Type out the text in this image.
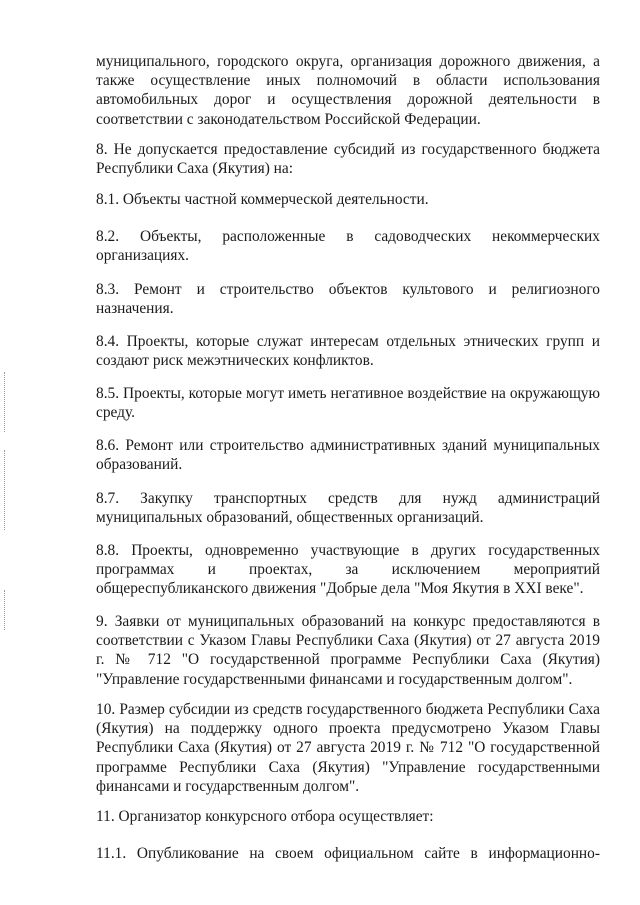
муниципального, городского округа, организация дорожного движения, а
также осуществление иных полномочий в области использования
автомобильных дорог и осуществления дорожной деятельности в
соответствии с законодательством Российской Федерации.
8. Не допускается предоставление субсидий из государственного бюджета
Республики Саха (Якутия) на:
8.1. Объекты частной коммерческой деятельности.
8.2. Объекты, расположенные в садоводческих некоммерческих
организациях.
8.3. Ремонт и строительство объектов культового и религиозного
назначения.
8.4. Проекты, которые служат интересам отдельных этнических групп и
создают риск межэтнических конфликтов.
8.5. Проекты, которые могут иметь негативное воздействие на окружающую
среду.
8.6. Ремонт или строительство административных зданий муниципальных
образований.
8.7. Закупку транспортных средств для нужд администраций
муниципальных образований, общественных организаций.
8.8. Проекты, одновременно участвующие в других государственных
программах и проектах, за исключением мероприятий
общереспубликанского движения "Добрые дела "Моя Якутия в XXI веке".
9. Заявки от муниципальных образований на конкурс предоставляются в
соответствии с Указом Главы Республики Саха (Якутия) от 27 августа 2019
г. № 712 "О государственной программе Республики Саха (Якутия)
"Управление государственными финансами и государственным долгом".
10. Размер субсидии из средств государственного бюджета Республики Саха
(Якутия) на поддержку одного проекта предусмотрено Указом Главы
Республики Саха (Якутия) от 27 августа 2019 г. № 712 "О государственной
программе Республики Саха (Якутия) "Управление государственными
финансами и государственным долгом".
11. Организатор конкурсного отбора осуществляет:
11.1. Опубликование на своем официальном сайте в информационно-
